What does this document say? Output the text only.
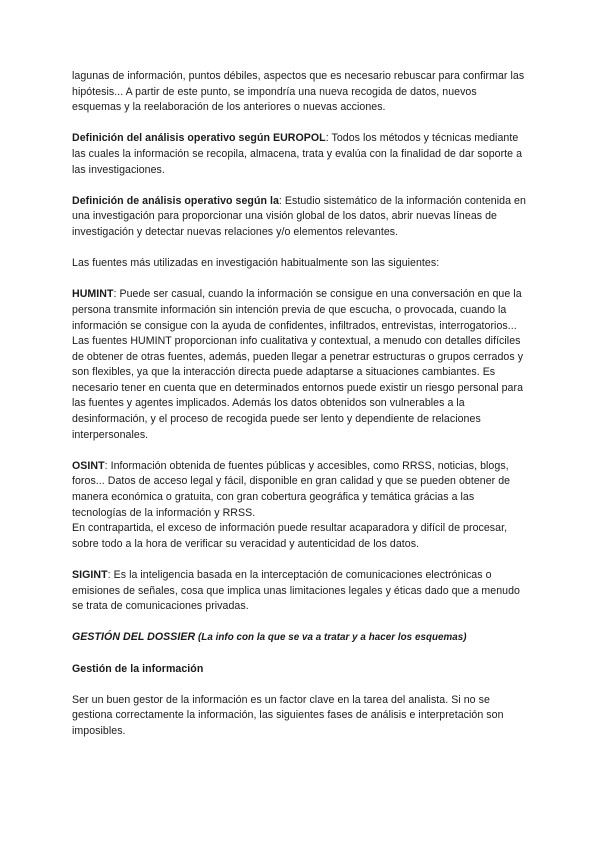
lagunas de información, puntos débiles, aspectos que es necesario rebuscar para confirmar las hipótesis... A partir de este punto, se impondría una nueva recogida de datos, nuevos esquemas y la reelaboración de los anteriores o nuevas acciones.

Definición del análisis operativo según EUROPOL: Todos los métodos y técnicas mediante las cuales la información se recopila, almacena, trata y evalúa con la finalidad de dar soporte a las investigaciones.

Definición de análisis operativo según la: Estudio sistemático de la información contenida en una investigación para proporcionar una visión global de los datos, abrir nuevas líneas de investigación y detectar nuevas relaciones y/o elementos relevantes.

Las fuentes más utilizadas en investigación habitualmente son las siguientes:

HUMINT: Puede ser casual, cuando la información se consigue en una conversación en que la persona transmite información sin intención previa de que escucha, o provocada, cuando la información se consigue con la ayuda de confidentes, infiltrados, entrevistas, interrogatorios... Las fuentes HUMINT proporcionan info cualitativa y contextual, a menudo con detalles difíciles de obtener de otras fuentes, además, pueden llegar a penetrar estructuras o grupos cerrados y son flexibles, ya que la interacción directa puede adaptarse a situaciones cambiantes. Es necesario tener en cuenta que en determinados entornos puede existir un riesgo personal para las fuentes y agentes implicados. Además los datos obtenidos son vulnerables a la desinformación, y el proceso de recogida puede ser lento y dependiente de relaciones interpersonales.

OSINT: Información obtenida de fuentes públicas y accesibles, como RRSS, noticias, blogs, foros... Datos de acceso legal y fácil, disponible en gran calidad y que se pueden obtener de manera económica o gratuita, con gran cobertura geográfica y temática grácias a las tecnologías de la información y RRSS.

En contrapartida, el exceso de información puede resultar acaparadora y difícil de procesar, sobre todo a la hora de verificar su veracidad y autenticidad de los datos.

SIGINT: Es la inteligencia basada en la interceptación de comunicaciones electrónicas o emisiones de señales, cosa que implica unas limitaciones legales y éticas dado que a menudo se trata de comunicaciones privadas.

GESTIÓN DEL DOSSIER (La info con la que se va a tratar y a hacer los esquemas)

Gestión de la información

Ser un buen gestor de la información es un factor clave en la tarea del analista. Si no se gestiona correctamente la información, las siguientes fases de análisis e interpretación son imposibles.
